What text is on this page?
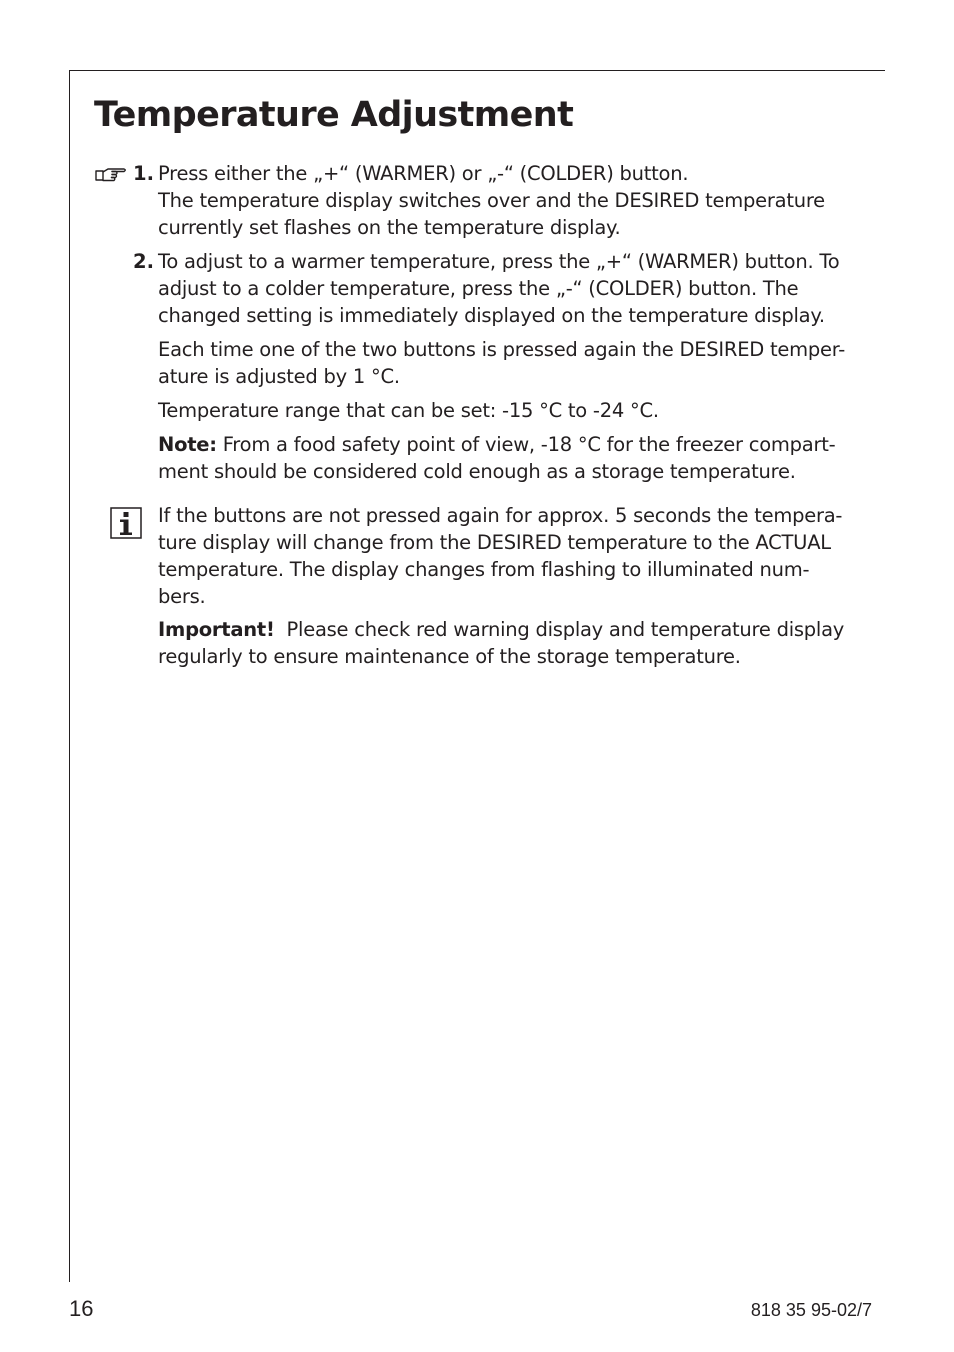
Temperature Adjustment
1. Press either the „+“ (WARMER) or „-“ (COLDER) button.
The temperature display switches over and the DESIRED temperature
currently set flashes on the temperature display.
2. To adjust to a warmer temperature, press the „+“ (WARMER) button. To
adjust to a colder temperature, press the „-“ (COLDER) button. The
changed setting is immediately displayed on the temperature display.
Each time one of the two buttons is pressed again the DESIRED temper-
ature is adjusted by 1 °C.
Temperature range that can be set: -15 °C to -24 °C.
Note: From a food safety point of view, -18 °C for the freezer compart-
ment should be considered cold enough as a storage temperature.
If the buttons are not pressed again for approx. 5 seconds the tempera-
ture display will change from the DESIRED temperature to the ACTUAL
temperature. The display changes from flashing to illuminated num-
bers.
Important!  Please check red warning display and temperature display
regularly to ensure maintenance of the storage temperature.
16	818 35 95-02/7
